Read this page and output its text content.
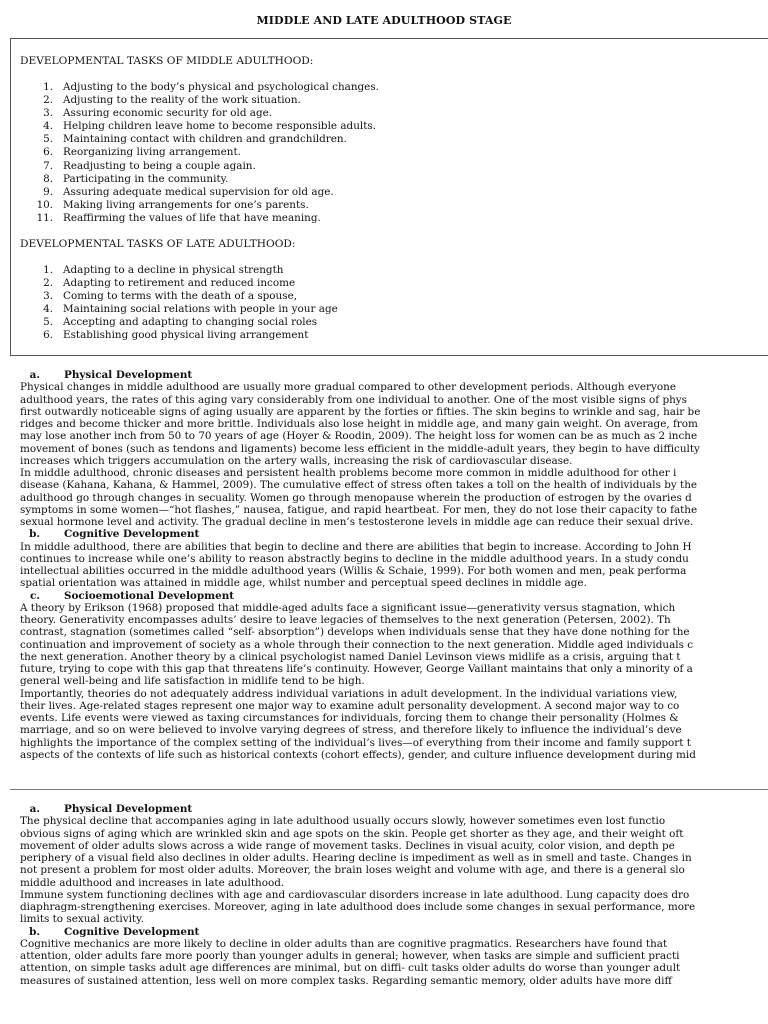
MIDDLE AND LATE ADULTHOOD STAGE
DEVELOPMENTAL TASKS OF MIDDLE ADULTHOOD:
1.   Adjusting to the body’s physical and psychological changes.
2.   Adjusting to the reality of the work situation.
3.   Assuring economic security for old age.
4.   Helping children leave home to become responsible adults.
5.   Maintaining contact with children and grandchildren.
6.   Reorganizing living arrangement.
7.   Readjusting to being a couple again.
8.   Participating in the community.
9.   Assuring adequate medical supervision for old age.
10.   Making living arrangements for one’s parents.
11.   Reaffirming the values of life that have meaning.
DEVELOPMENTAL TASKS OF LATE ADULTHOOD:
1.   Adapting to a decline in physical strength
2.   Adapting to retirement and reduced income
3.   Coming to terms with the death of a spouse,
4.   Maintaining social relations with people in your age
5.   Accepting and adapting to changing social roles
6.   Establishing good physical living arrangement
✦
a. Physical Development
Physical changes in middle adulthood are usually more gradual compared to other development periods. Although everyone
adulthood years, the rates of this aging vary considerably from one individual to another. One of the most visible signs of phys
first outwardly noticeable signs of aging usually are apparent by the forties or fifties. The skin begins to wrinkle and sag, hair be
ridges and become thicker and more brittle. Individuals also lose height in middle age, and many gain weight. On average, from
may lose another inch from 50 to 70 years of age (Hoyer & Roodin, 2009). The height loss for women can be as much as 2 inche
movement of bones (such as tendons and ligaments) become less efficient in the middle-adult years, they begin to have difficulty
increases which triggers accumulation on the artery walls, increasing the risk of cardiovascular disease.
In middle adulthood, chronic diseases and persistent health problems become more common in middle adulthood for other i
disease (Kahana, Kahana, & Hammel, 2009). The cumulative effect of stress often takes a toll on the health of individuals by the
adulthood go through changes in secuality. Women go through menopause wherein the production of estrogen by the ovaries d
symptoms in some women—“hot flashes,” nausea, fatigue, and rapid heartbeat. For men, they do not lose their capacity to fathe
sexual hormone level and activity. The gradual decline in men’s testosterone levels in middle age can reduce their sexual drive.
b. Cognitive Development
In middle adulthood, there are abilities that begin to decline and there are abilities that begin to increase. According to John H
continues to increase while one’s ability to reason abstractly begins to decline in the middle adulthood years. In a study condu
intellectual abilities occurred in the middle adulthood years (Willis & Schaie, 1999). For both women and men, peak performa
spatial orientation was attained in middle age, whilst number and perceptual speed declines in middle age.
c. Socioemotional Development
A theory by Erikson (1968) proposed that middle-aged adults face a significant issue—generativity versus stagnation, which
theory. Generativity encompasses adults’ desire to leave legacies of themselves to the next generation (Petersen, 2002). Th
contrast, stagnation (sometimes called “self- absorption”) develops when individuals sense that they have done nothing for the
continuation and improvement of society as a whole through their connection to the next generation. Middle aged individuals c
the next generation. Another theory by a clinical psychologist named Daniel Levinson views midlife as a crisis, arguing that t
future, trying to cope with this gap that threatens life’s continuity. However, George Vaillant maintains that only a minority of a
general well-being and life satisfaction in midlife tend to be high.
Importantly, theories do not adequately address individual variations in adult development. In the individual variations view,
their lives. Age-related stages represent one major way to examine adult personality development. A second major way to co
events. Life events were viewed as taxing circumstances for individuals, forcing them to change their personality (Holmes &
marriage, and so on were believed to involve varying degrees of stress, and therefore likely to influence the individual’s deve
highlights the importance of the complex setting of the individual’s lives—of everything from their income and family support t
aspects of the contexts of life such as historical contexts (cohort effects), gender, and culture influence development during mid
a. Physical Development
The physical decline that accompanies aging in late adulthood usually occurs slowly, however sometimes even lost functio
obvious signs of aging which are wrinkled skin and age spots on the skin. People get shorter as they age, and their weight oft
movement of older adults slows across a wide range of movement tasks. Declines in visual acuity, color vision, and depth pe
periphery of a visual field also declines in older adults. Hearing decline is impediment as well as in smell and taste. Changes in
not present a problem for most older adults. Moreover, the brain loses weight and volume with age, and there is a general slo
middle adulthood and increases in late adulthood.
Immune system functioning declines with age and cardiovascular disorders increase in late adulthood. Lung capacity does dro
diaphragm-strengthening exercises. Moreover, aging in late adulthood does include some changes in sexual performance, more
limits to sexual activity.
b. Cognitive Development
Cognitive mechanics are more likely to decline in older adults than are cognitive pragmatics. Researchers have found that
attention, older adults fare more poorly than younger adults in general; however, when tasks are simple and sufficient practi
attention, on simple tasks adult age differences are minimal, but on diffi- cult tasks older adults do worse than younger adult
measures of sustained attention, less well on more complex tasks. Regarding semantic memory, older adults have more diff
